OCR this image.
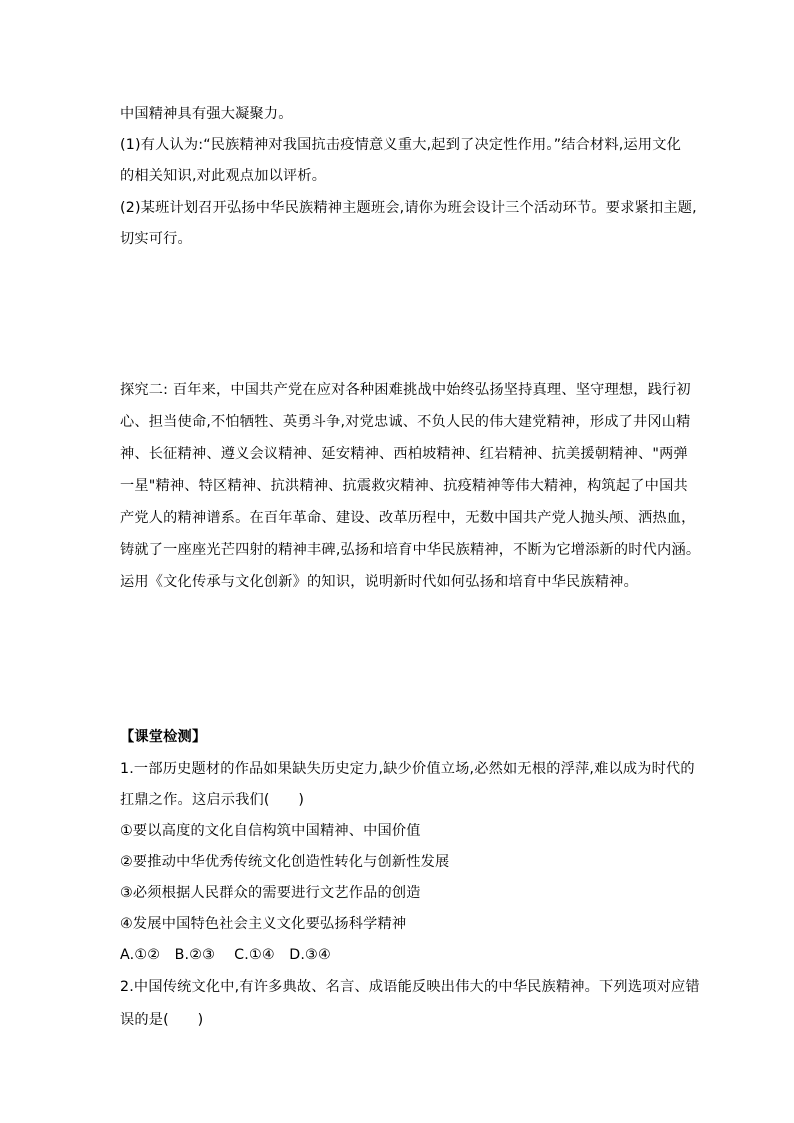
中国精神具有强大凝聚力。
(1)有人认为:“民族精神对我国抗击疫情意义重大,起到了决定性作用。”结合材料,运用文化
的相关知识,对此观点加以评析。
(2)某班计划召开弘扬中华民族精神主题班会,请你为班会设计三个活动环节。要求紧扣主题,
切实可行。
探究二: 百年来，中国共产党在应对各种困难挑战中始终弘扬坚持真理、坚守理想，践行初
心、担当使命,不怕牺牲、英勇斗争,对党忠诚、不负人民的伟大建党精神，形成了井冈山精
神、长征精神、遵义会议精神、延安精神、西柏坡精神、红岩精神、抗美援朝精神、"两弹
一星"精神、特区精神、抗洪精神、抗震救灾精神、抗疫精神等伟大精神，构筑起了中国共
产党人的精神谱系。在百年革命、建设、改革历程中，无数中国共产党人抛头颅、洒热血，
铸就了一座座光芒四射的精神丰碑,弘扬和培育中华民族精神，不断为它增添新的时代内涵。
运用《文化传承与文化创新》的知识，说明新时代如何弘扬和培育中华民族精神。
【课堂检测】
1.一部历史题材的作品如果缺失历史定力,缺少价值立场,必然如无根的浮萍,难以成为时代的
扛鼎之作。这启示我们(　　)
①要以高度的文化自信构筑中国精神、中国价值
②要推动中华优秀传统文化创造性转化与创新性发展
③必须根据人民群众的需要进行文艺作品的创造
④发展中国特色社会主义文化要弘扬科学精神
A.①②　B.②③　 C.①④　D.③④
2.中国传统文化中,有许多典故、名言、成语能反映出伟大的中华民族精神。下列选项对应错
误的是(　　)
